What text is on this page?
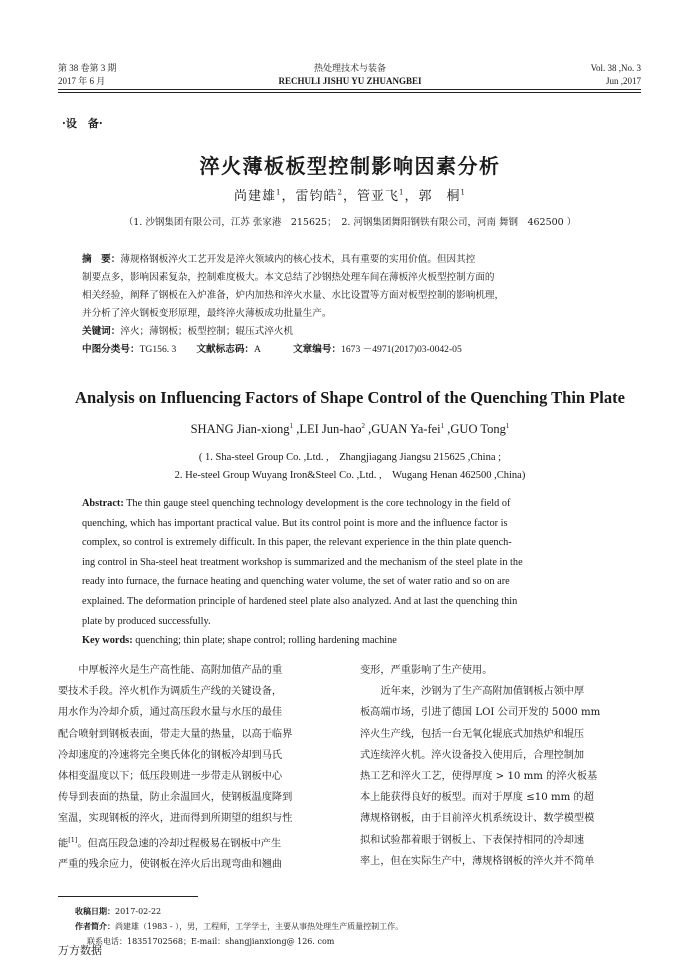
第 38 卷第 3 期
2017 年 6 月
热处理技术与装备
RECHULI JISHU YU ZHUANGBEI
Vol. 38 ,No. 3
Jun ,2017
·设　备·
淬火薄板板型控制影响因素分析
尚建雄$^1$，雷钧皓$^2$，管亚飞$^1$，郭　桐$^1$
（1. 沙钢集团有限公司，江苏 张家港　215625；　2. 河钢集团舞阳钢铁有限公司，河南 舞钢　462500 ）
摘　要：薄规格钢板淬火工艺开发是淬火领域内的核心技术，具有重要的实用价值。但因其控
制要点多，影响因素复杂，控制难度极大。本文总结了沙钢热处理车间在薄板淬火板型控制方面的
相关经验，阐释了钢板在入炉准备，炉内加热和淬火水量、水比设置等方面对板型控制的影响机理，
并分析了淬火钢板变形原理，最终淬火薄板成功批量生产。
关键词：淬火；薄钢板；板型控制；辊压式淬火机
中图分类号：TG156. 3 文献标志码：A	文章编号：1673 －4971(2017)03-0042-05
Analysis on Influencing Factors of Shape Control of the Quenching Thin Plate
SHANG Jian-xiong$^1$ ,LEI Jun-hao$^2$ ,GUAN Ya-fei$^1$ ,GUO Tong$^1$
( 1. Sha-steel Group Co. ,Ltd. ,　Zhangjiagang Jiangsu 215625 ,China ;
2. He-steel Group Wuyang Iron&Steel Co. ,Ltd. ,　Wugang Henan 462500 ,China)
Abstract: The thin gauge steel quenching technology development is the core technology in the field of
quenching, which has important practical value. But its control point is more and the influence factor is
complex, so control is extremely difficult. In this paper, the relevant experience in the thin plate quench-
ing control in Sha-steel heat treatment workshop is summarized and the mechanism of the steel plate in the
ready into furnace, the furnace heating and quenching water volume, the set of water ratio and so on are
explained. The deformation principle of hardened steel plate also analyzed. And at last the quenching thin
plate by produced successfully.
Key words: quenching; thin plate; shape control; rolling hardening machine
中厚板淬火是生产高性能、高附加值产品的重
要技术手段。淬火机作为调质生产线的关键设备，
用水作为冷却介质，通过高压段水量与水压的最佳
配合喷射到钢板表面，带走大量的热量，以高于临界
冷却速度的冷速将完全奥氏体化的钢板冷却到马氏
体相变温度以下；低压段则进一步带走从钢板中心
传导到表面的热量，防止余温回火，使钢板温度降到
室温，实现钢板的淬火，进而得到所期望的组织与性
能[1]。但高压段急速的冷却过程极易在钢板中产生
严重的残余应力，使钢板在淬火后出现弯曲和翘曲
变形，严重影响了生产使用。
近年来，沙钢为了生产高附加值钢板占领中厚
板高端市场，引进了德国 LOI 公司开发的 5000 mm
淬火生产线，包括一台无氧化辊底式加热炉和辊压
式连续淬火机。淬火设备投入使用后，合理控制加
热工艺和淬火工艺，使得厚度 > 10 mm 的淬火板基
本上能获得良好的板型。而对于厚度 ≤10 mm 的超
薄规格钢板，由于目前淬火机系统设计、数学模型模
拟和试验都着眼于钢板上、下表保持相同的冷却速
率上，但在实际生产中，薄规格钢板的淬火并不简单
收稿日期：2017-02-22
作者简介：尚建雄（1983 - ），男，工程师，工学学士，主要从事热处理生产质量控制工作。
联系电话：18351702568；E-mail：shangjianxiong@ 126. com
万方数据
